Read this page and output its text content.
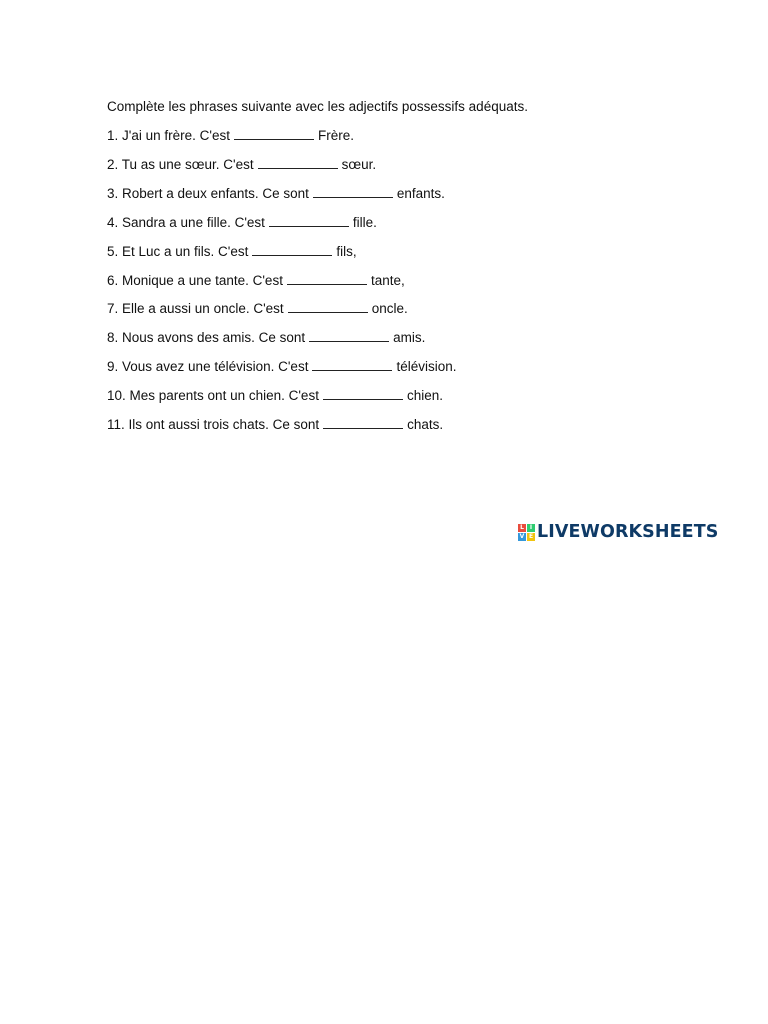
Complète les phrases suivante avec les adjectifs possessifs adéquats.
1. J'ai un frère. C'est	Frère.
2. Tu as une sœur. C'est	sœur.
3. Robert a deux enfants. Ce sont	enfants.
4. Sandra a une fille. C'est	fille.
5. Et Luc a un fils. C'est	fils,
6. Monique a une tante. C'est	tante,
7. Elle a aussi un oncle. C'est	oncle.
8. Nous avons des amis. Ce sont	amis.
9. Vous avez une télévision. C'est	télévision.
10. Mes parents ont un chien. C'est	chien.
11. Ils ont aussi trois chats. Ce sont	chats.
L I
V E LIVEWORKSHEETS
